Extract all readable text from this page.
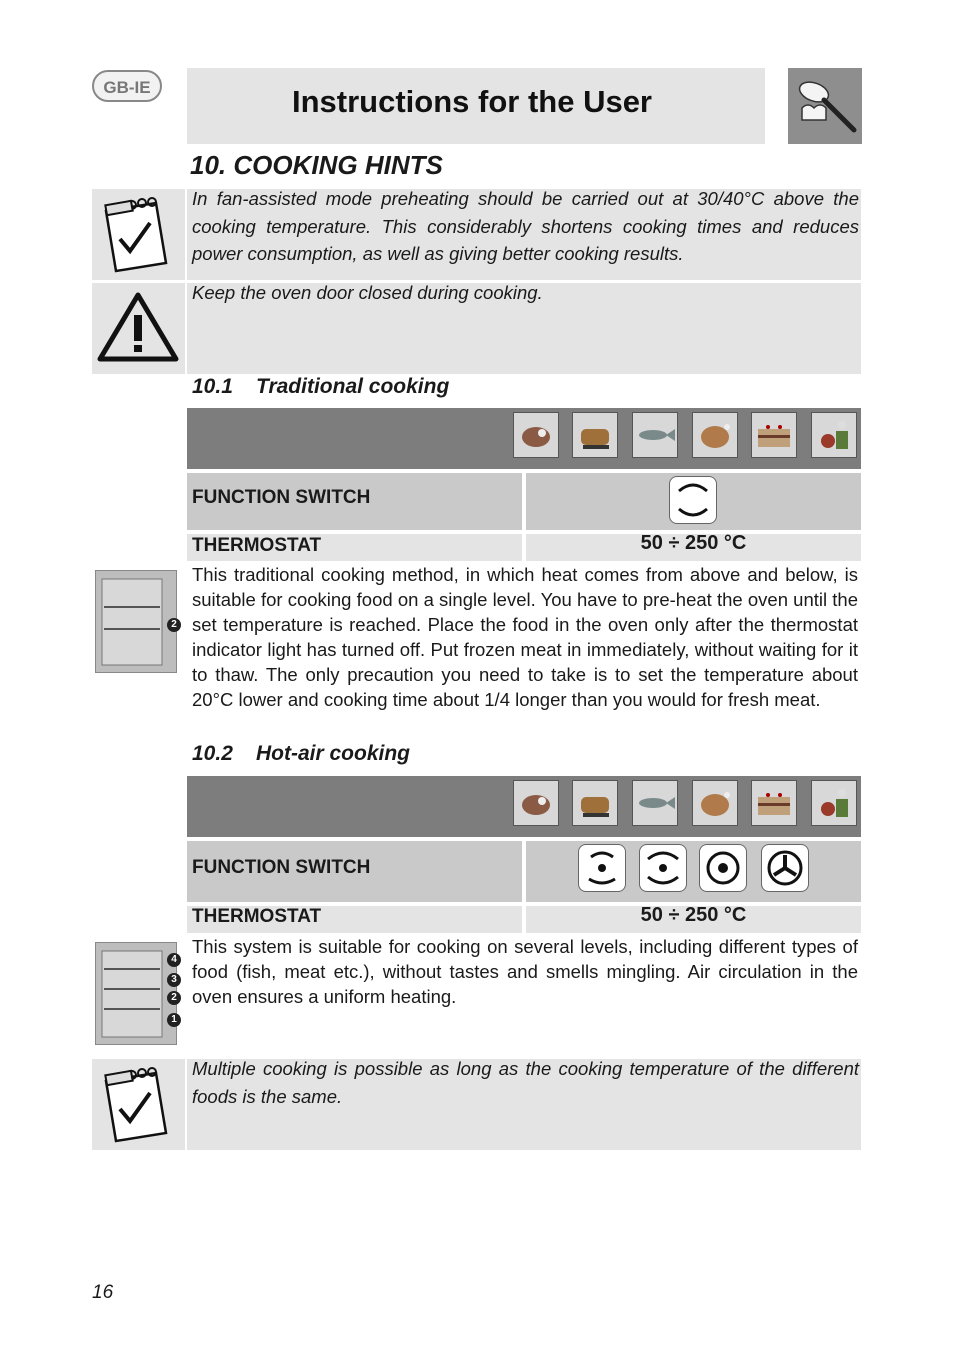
GB-IE	Instructions for the User
10. COOKING HINTS
In fan-assisted mode preheating should be carried out at 30/40°C above the cooking temperature. This considerably shortens cooking times and reduces power consumption, as well as giving better cooking results.
Keep the oven door closed during cooking.
10.1 Traditional cooking
FUNCTION SWITCH
THERMOSTAT	50 ÷ 250 °C
2
This traditional cooking method, in which heat comes from above and below, is suitable for cooking food on a single level. You have to pre-heat the oven until the set temperature is reached. Place the food in the oven only after the thermostat indicator light has turned off. Put frozen meat in immediately, without waiting for it to thaw. The only precaution you need to take is to set the temperature about 20°C lower and cooking time about 1/4 longer than you would for fresh meat.
10.2 Hot-air cooking
FUNCTION SWITCH
THERMOSTAT	50 ÷ 250 °C
4
3
2
1
This system is suitable for cooking on several levels, including different types of food (fish, meat etc.), without tastes and smells mingling. Air circulation in the oven ensures a uniform heating.
Multiple cooking is possible as long as the cooking temperature of the different foods is the same.
16
